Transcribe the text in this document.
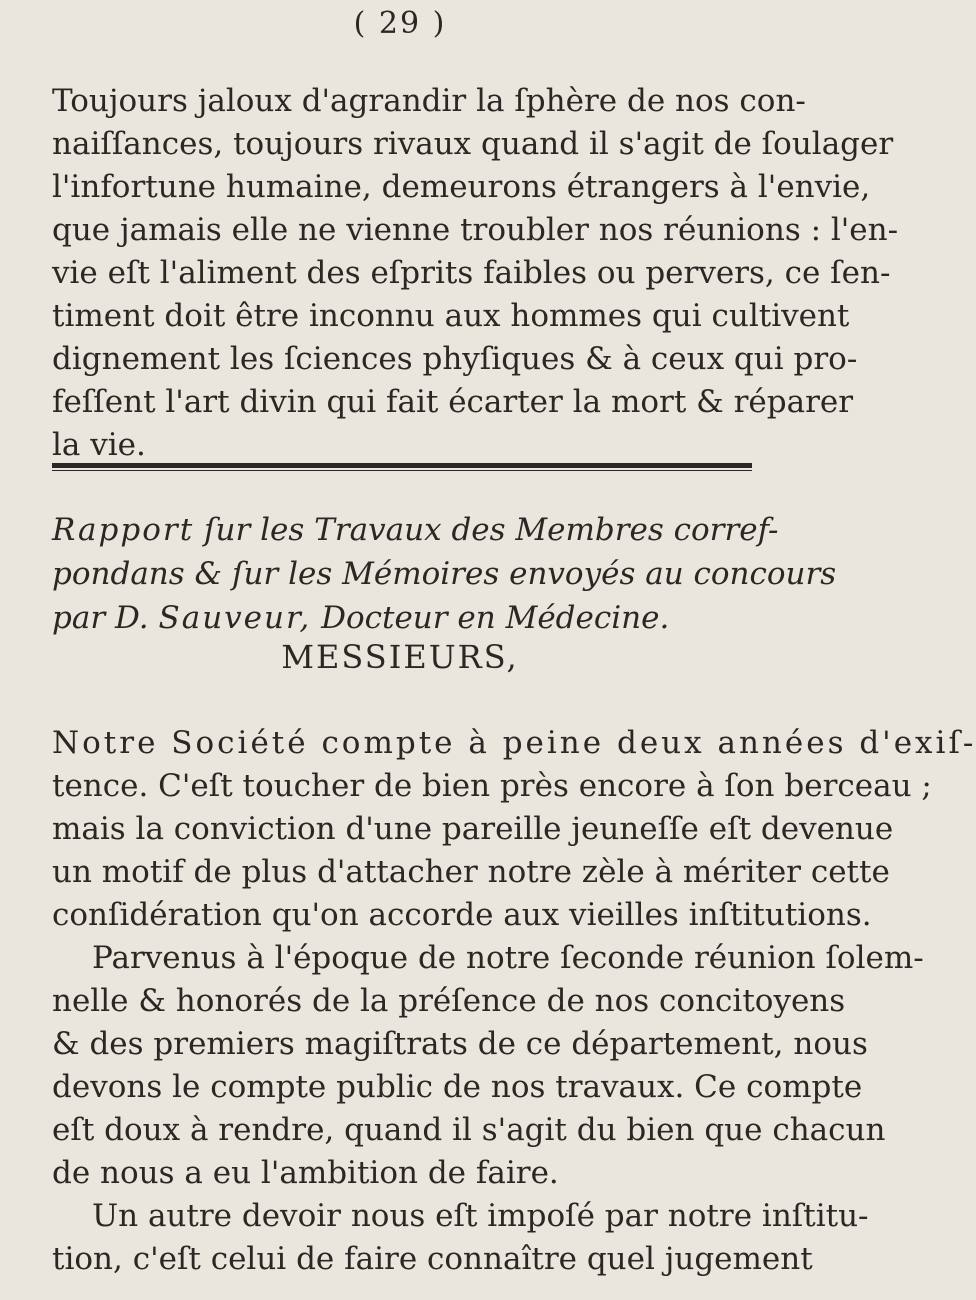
( 29 )
Toujours jaloux d'agrandir la ſphère de nos con-
naiſſances, toujours rivaux quand il s'agit de ſoulager
l'infortune humaine, demeurons étrangers à l'envie,
que jamais elle ne vienne troubler nos réunions : l'en-
vie eſt l'aliment des eſprits faibles ou pervers, ce ſen-
timent doit être inconnu aux hommes qui cultivent
dignement les ſciences phyſiques & à ceux qui pro-
feſſent l'art divin qui fait écarter la mort & réparer
la vie.
Rapport ſur les Travaux des Membres corref-
pondans & ſur les Mémoires envoyés au concours
par D. Sauveur, Docteur en Médecine.
MESSIEURS,
Notre Société compte à peine deux années d'exiſ-
tence. C'eſt toucher de bien près encore à ſon berceau ;
mais la conviction d'une pareille jeuneſſe eſt devenue
un motif de plus d'attacher notre zèle à mériter cette
conſidération qu'on accorde aux vieilles inſtitutions.
Parvenus à l'époque de notre ſeconde réunion ſolem-
nelle & honorés de la préſence de nos concitoyens
& des premiers magiſtrats de ce département, nous
devons le compte public de nos travaux. Ce compte
eſt doux à rendre, quand il s'agit du bien que chacun
de nous a eu l'ambition de faire.
Un autre devoir nous eſt impoſé par notre inſtitu-
tion, c'eſt celui de faire connaître quel jugement
